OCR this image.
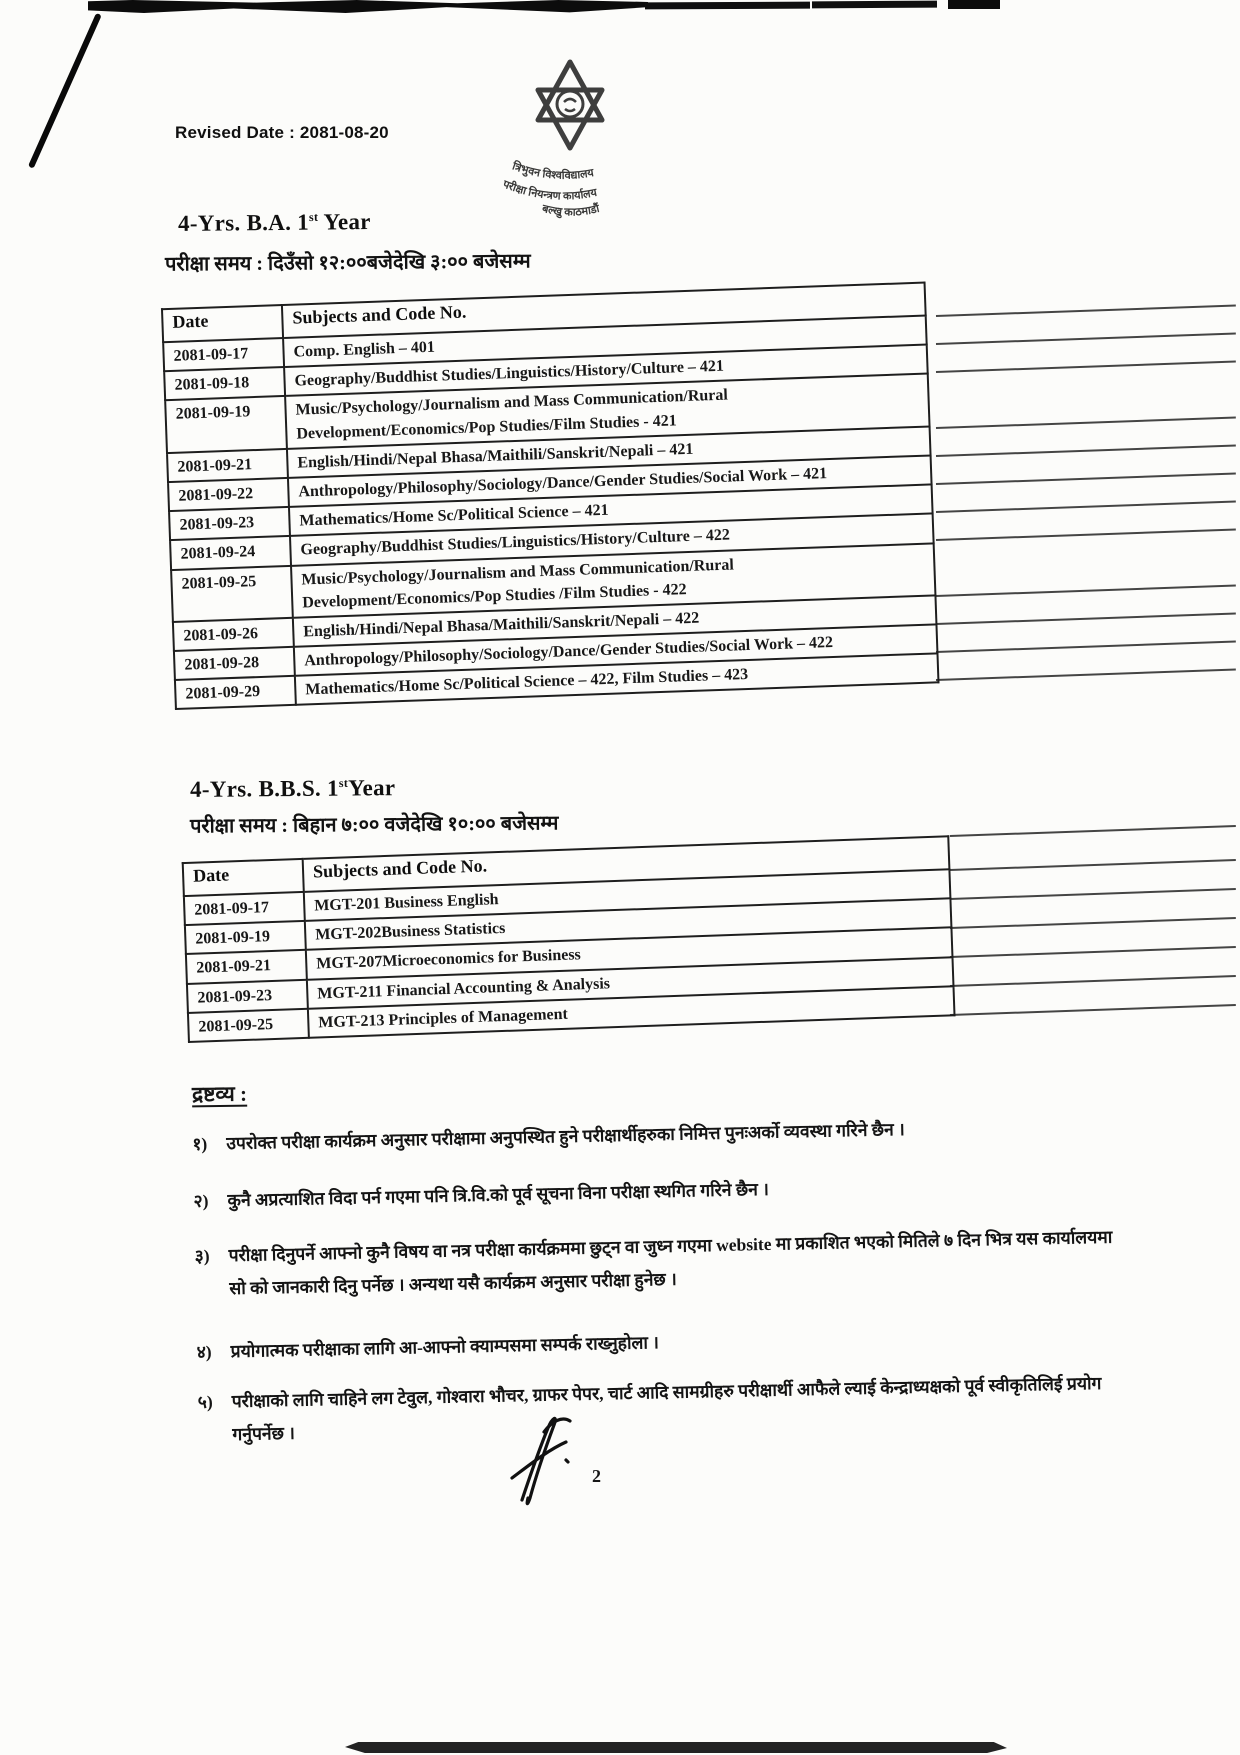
Revised Date : 2081-08-20
त्रिभुवन विश्वविद्यालय
परीक्षा नियन्त्रण कार्यालय
बल्खु काठमाडौं
4-Yrs. B.A. 1st Year
परीक्षा समय : दिउँसो १२:००बजेदेखि ३:०० बजेसम्म
Date	Subjects and Code No.
2081-09-17	Comp. English – 401
2081-09-18	Geography/Buddhist Studies/Linguistics/History/Culture – 421
2081-09-19	Music/Psychology/Journalism and Mass Communication/Rural Development/Economics/Pop Studies/Film Studies - 421
2081-09-21	English/Hindi/Nepal Bhasa/Maithili/Sanskrit/Nepali – 421
2081-09-22	Anthropology/Philosophy/Sociology/Dance/Gender Studies/Social Work – 421
2081-09-23	Mathematics/Home Sc/Political Science – 421
2081-09-24	Geography/Buddhist Studies/Linguistics/History/Culture – 422
2081-09-25	Music/Psychology/Journalism and Mass Communication/Rural Development/Economics/Pop Studies /Film Studies - 422
2081-09-26	English/Hindi/Nepal Bhasa/Maithili/Sanskrit/Nepali – 422
2081-09-28	Anthropology/Philosophy/Sociology/Dance/Gender Studies/Social Work – 422
2081-09-29	Mathematics/Home Sc/Political Science – 422, Film Studies – 423
4-Yrs. B.B.S. 1stYear
परीक्षा समय : बिहान ७:०० वजेदेखि १०:०० बजेसम्म
Date	Subjects and Code No.
2081-09-17	MGT-201 Business English
2081-09-19	MGT-202Business Statistics
2081-09-21	MGT-207Microeconomics for Business
2081-09-23	MGT-211 Financial Accounting & Analysis
2081-09-25	MGT-213 Principles of Management
द्रष्टव्य :
१)	उपरोक्त परीक्षा कार्यक्रम अनुसार परीक्षामा अनुपस्थित हुने परीक्षार्थीहरुका निमित्त पुनःअर्को व्यवस्था गरिने छैन ।
२)	कुनै अप्रत्याशित विदा पर्न गएमा पनि त्रि.वि.को पूर्व सूचना विना परीक्षा स्थगित गरिने छैन ।
३)	परीक्षा दिनुपर्ने आफ्नो कुनै विषय वा नत्र परीक्षा कार्यक्रममा छुट्न वा जुध्न गएमा website मा प्रकाशित भएको मितिले ७ दिन भित्र यस कार्यालयमा सो को जानकारी दिनु पर्नेछ । अन्यथा यसै कार्यक्रम अनुसार परीक्षा हुनेछ ।
४)	प्रयोगात्मक परीक्षाका लागि आ-आफ्नो क्याम्पसमा सम्पर्क राख्नुहोला ।
५)	परीक्षाको लागि चाहिने लग टेवुल, गोश्वारा भौचर, ग्राफर पेपर, चार्ट आदि सामग्रीहरु परीक्षार्थी आफैले ल्याई केन्द्राध्यक्षको पूर्व स्वीकृतिलिई प्रयोग गर्नुपर्नेछ ।
2
